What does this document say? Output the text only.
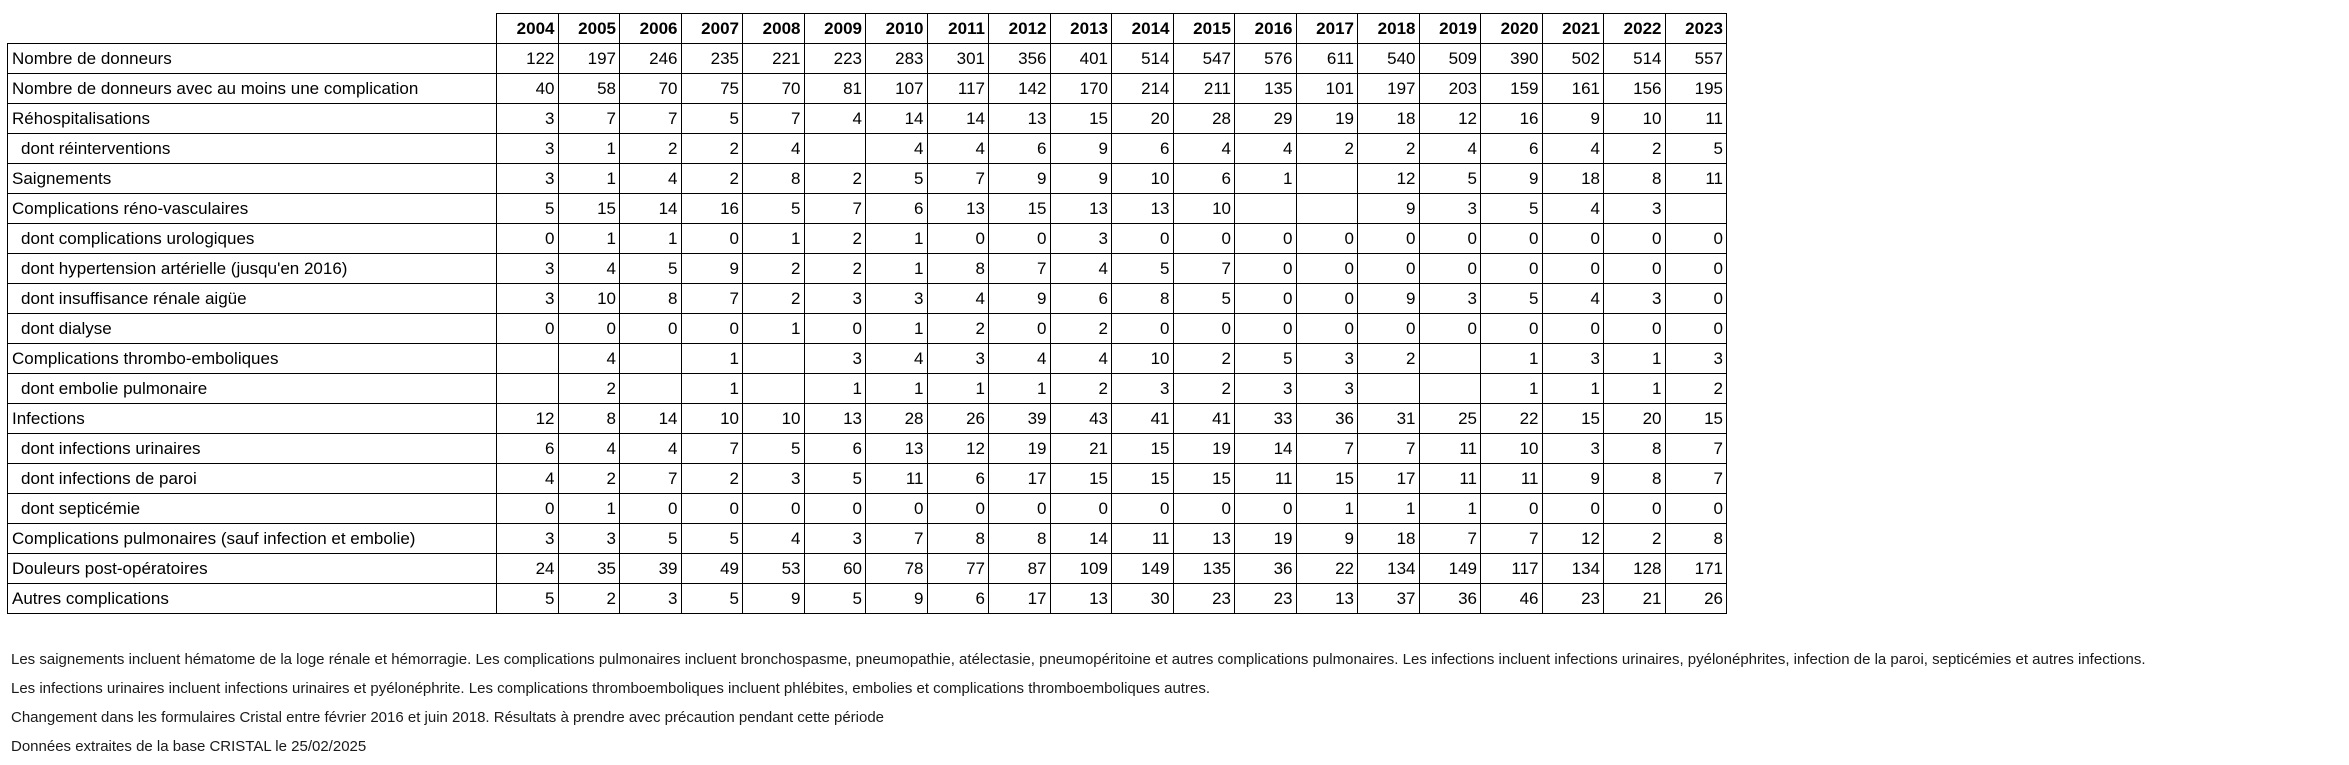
	2004	2005	2006	2007	2008	2009	2010	2011	2012	2013	2014	2015	2016	2017	2018	2019	2020	2021	2022	2023
Nombre de donneurs	122	197	246	235	221	223	283	301	356	401	514	547	576	611	540	509	390	502	514	557
Nombre de donneurs avec au moins une complication	40	58	70	75	70	81	107	117	142	170	214	211	135	101	197	203	159	161	156	195
Réhospitalisations	3	7	7	5	7	4	14	14	13	15	20	28	29	19	18	12	16	9	10	11
dont réinterventions	3	1	2	2	4		4	4	6	9	6	4	4	2	2	4	6	4	2	5
Saignements	3	1	4	2	8	2	5	7	9	9	10	6	1		12	5	9	18	8	11
Complications réno-vasculaires	5	15	14	16	5	7	6	13	15	13	13	10			9	3	5	4	3	
dont complications urologiques	0	1	1	0	1	2	1	0	0	3	0	0	0	0	0	0	0	0	0	0
dont hypertension artérielle (jusqu'en 2016)	3	4	5	9	2	2	1	8	7	4	5	7	0	0	0	0	0	0	0	0
dont insuffisance rénale aigüe	3	10	8	7	2	3	3	4	9	6	8	5	0	0	9	3	5	4	3	0
dont dialyse	0	0	0	0	1	0	1	2	0	2	0	0	0	0	0	0	0	0	0	0
Complications thrombo-emboliques		4		1		3	4	3	4	4	10	2	5	3	2		1	3	1	3
dont embolie pulmonaire		2		1		1	1	1	1	2	3	2	3	3			1	1	1	2
Infections	12	8	14	10	10	13	28	26	39	43	41	41	33	36	31	25	22	15	20	15
dont infections urinaires	6	4	4	7	5	6	13	12	19	21	15	19	14	7	7	11	10	3	8	7
dont infections de paroi	4	2	7	2	3	5	11	6	17	15	15	15	11	15	17	11	11	9	8	7
dont septicémie	0	1	0	0	0	0	0	0	0	0	0	0	0	1	1	1	0	0	0	0
Complications pulmonaires (sauf infection et embolie)	3	3	5	5	4	3	7	8	8	14	11	13	19	9	18	7	7	12	2	8
Douleurs post-opératoires	24	35	39	49	53	60	78	77	87	109	149	135	36	22	134	149	117	134	128	171
Autres complications	5	2	3	5	9	5	9	6	17	13	30	23	23	13	37	36	46	23	21	26

Les saignements incluent hématome de la loge rénale et hémorragie. Les complications pulmonaires incluent bronchospasme, pneumopathie, atélectasie, pneumopéritoine et autres complications pulmonaires. Les infections incluent infections urinaires, pyélonéphrites, infection de la paroi, septicémies et autres infections.

Les infections urinaires incluent infections urinaires et pyélonéphrite. Les complications thromboemboliques incluent phlébites, embolies et complications thromboemboliques autres.

Changement dans les formulaires Cristal entre février 2016 et juin 2018. Résultats à prendre avec précaution pendant cette période

Données extraites de la base CRISTAL le 25/02/2025
